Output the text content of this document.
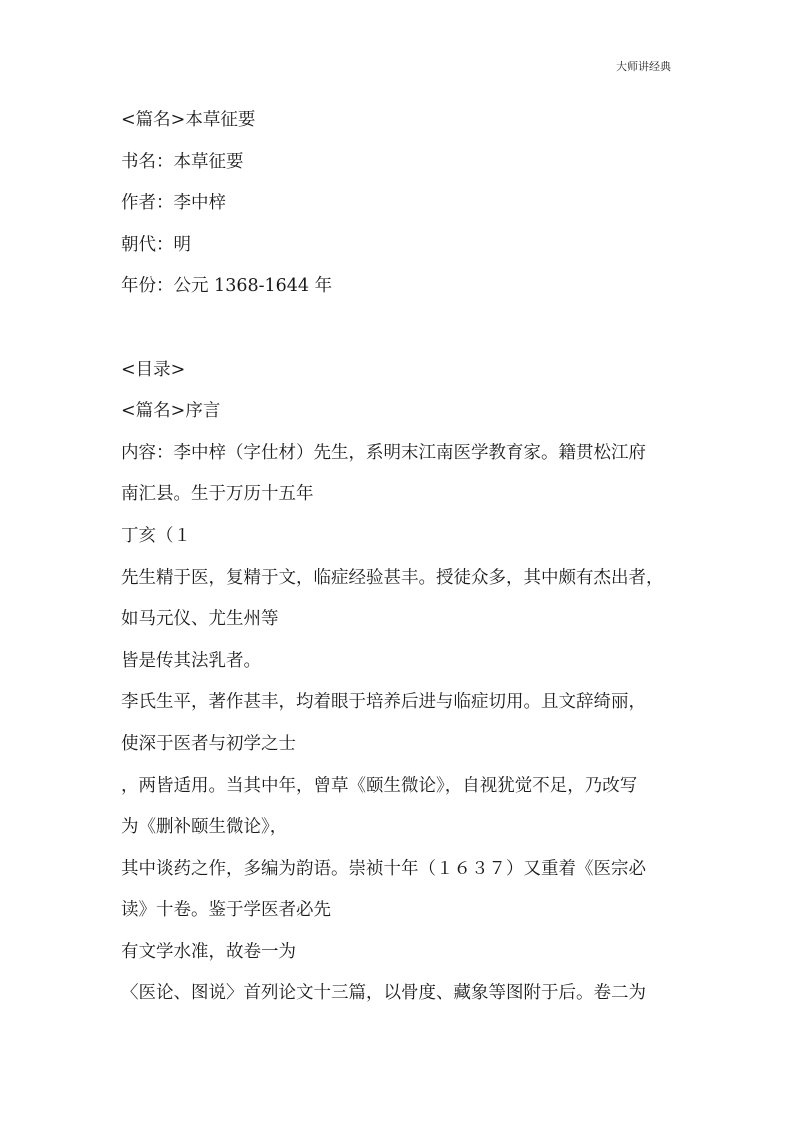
大师讲经典

<篇名>本草征要

书名：本草征要

作者：李中梓

朝代：明

年份：公元 1368-1644 年

<目录>

<篇名>序言

内容：李中梓（字仕材）先生，系明末江南医学教育家。籍贯松江府

南汇县。生于万历十五年

丁亥（１

先生精于医，复精于文，临症经验甚丰。授徒众多，其中颇有杰出者，

如马元仪、尤生州等

皆是传其法乳者。

李氏生平，著作甚丰，均着眼于培养后进与临症切用。且文辞绮丽，

使深于医者与初学之士

，两皆适用。当其中年，曾草《颐生微论》，自视犹觉不足，乃改写

为《删补颐生微论》，

其中谈药之作，多编为韵语。崇祯十年（１６３７）又重着《医宗必

读》十卷。鉴于学医者必先

有文学水准，故卷一为

〈医论、图说〉首列论文十三篇，以骨度、藏象等图附于后。卷二为
